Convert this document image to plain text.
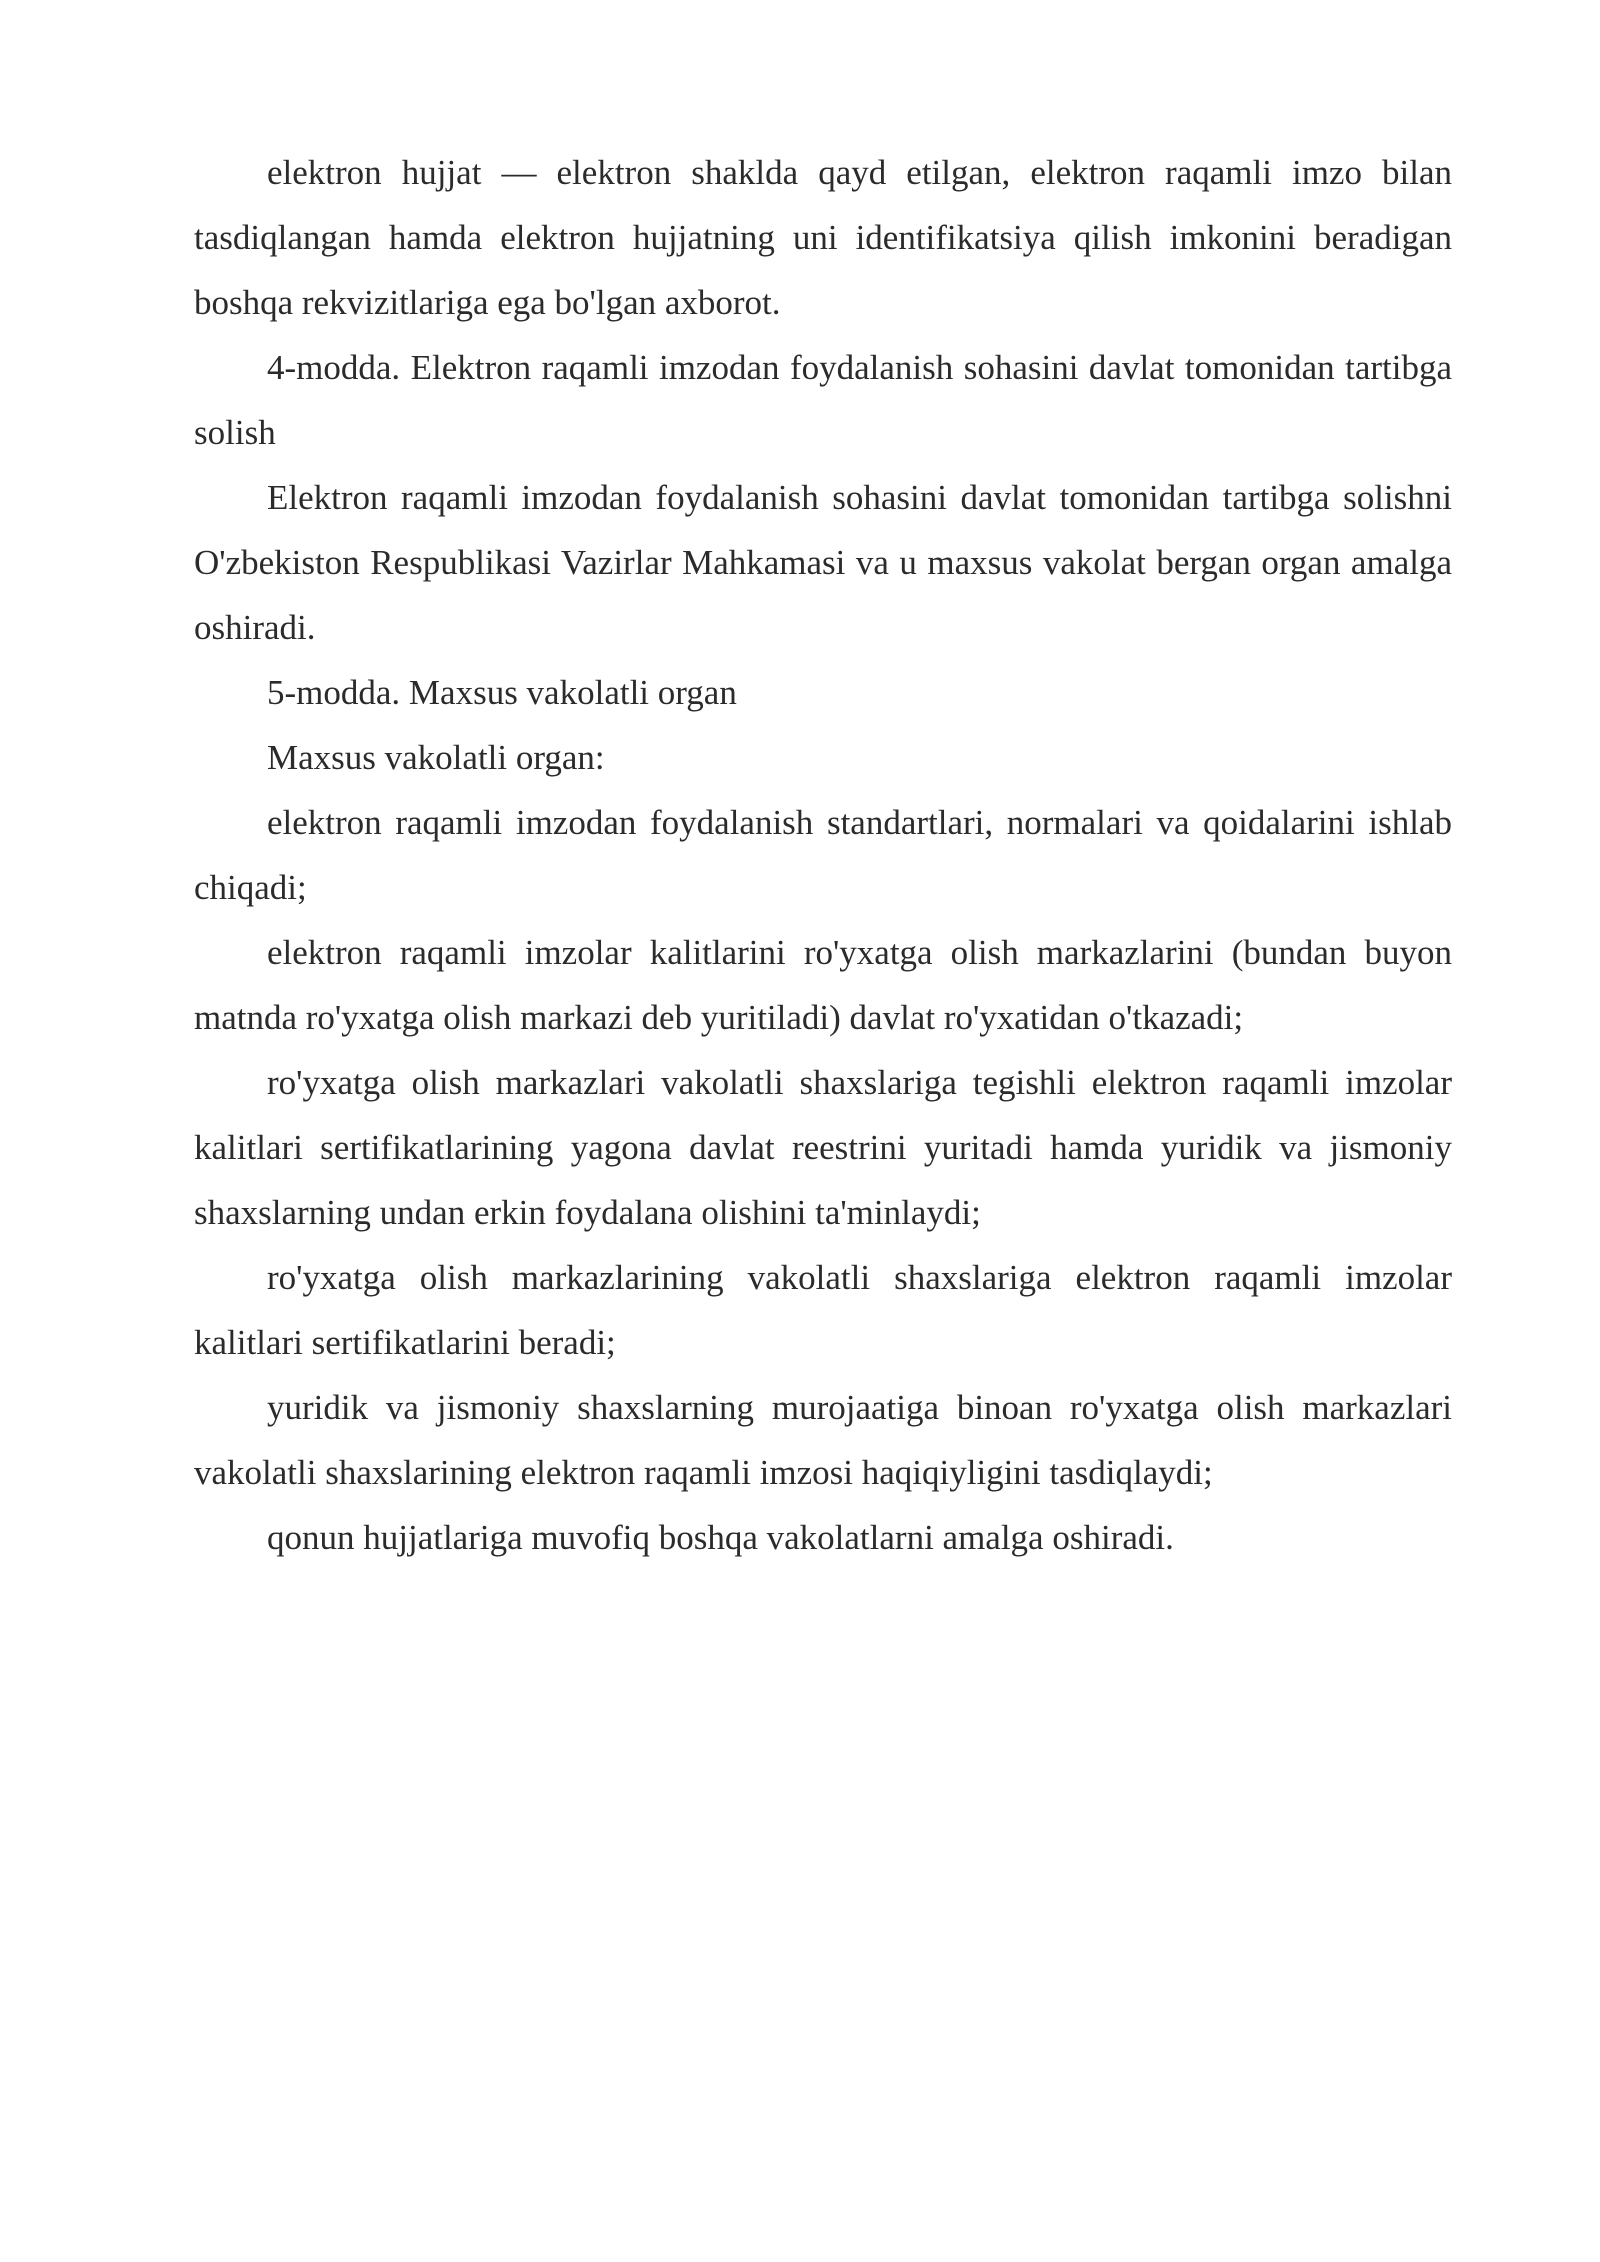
elektron hujjat — elektron shaklda qayd etilgan, elektron raqamli imzo bilan tasdiqlangan hamda elektron hujjatning uni identifikatsiya qilish imkonini beradigan boshqa rekvizitlariga ega bo'lgan axborot.

4-modda. Elektron raqamli imzodan foydalanish sohasini davlat tomonidan tartibga solish

Elektron raqamli imzodan foydalanish sohasini davlat tomonidan tartibga solishni O'zbekiston Respublikasi Vazirlar Mahkamasi va u maxsus vakolat bergan organ amalga oshiradi.

5-modda. Maxsus vakolatli organ

Maxsus vakolatli organ:

elektron raqamli imzodan foydalanish standartlari, normalari va qoidalarini ishlab chiqadi;

elektron raqamli imzolar kalitlarini ro'yxatga olish markazlarini (bundan buyon matnda ro'yxatga olish markazi deb yuritiladi) davlat ro'yxatidan o'tkazadi;

ro'yxatga olish markazlari vakolatli shaxslariga tegishli elektron raqamli imzolar kalitlari sertifikatlarining yagona davlat reestrini yuritadi hamda yuridik va jismoniy shaxslarning undan erkin foydalana olishini ta'minlaydi;

ro'yxatga olish markazlarining vakolatli shaxslariga elektron raqamli imzolar kalitlari sertifikatlarini beradi;

yuridik va jismoniy shaxslarning murojaatiga binoan ro'yxatga olish markazlari vakolatli shaxslarining elektron raqamli imzosi haqiqiyligini tasdiqlaydi;

qonun hujjatlariga muvofiq boshqa vakolatlarni amalga oshiradi.
